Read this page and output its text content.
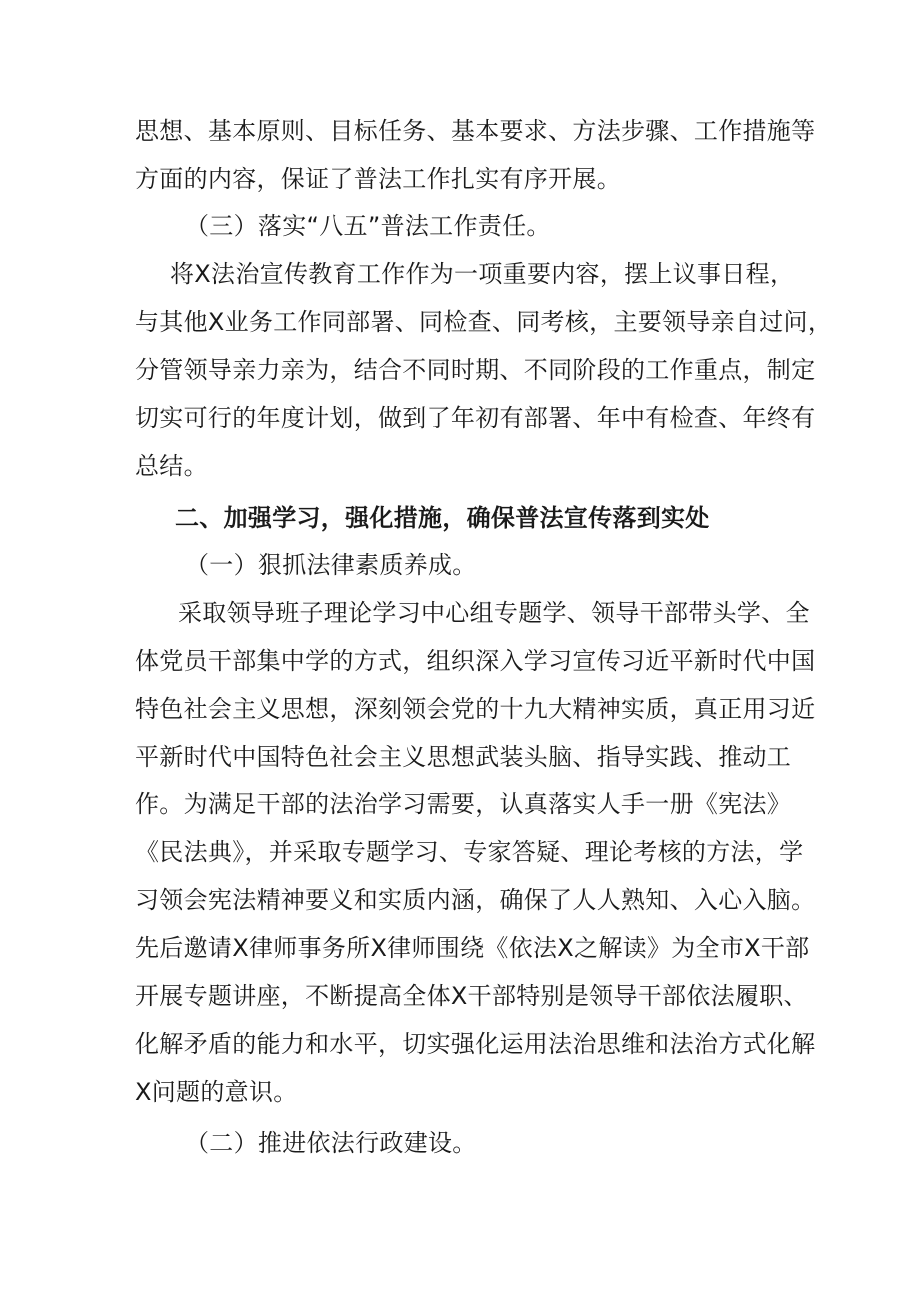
思想、基本原则、目标任务、基本要求、方法步骤、工作措施等
方面的内容，保证了普法工作扎实有序开展。
（三）落实“八五”普法工作责任。
将X法治宣传教育工作作为一项重要内容，摆上议事日程，
与其他X业务工作同部署、同检查、同考核，主要领导亲自过问，
分管领导亲力亲为，结合不同时期、不同阶段的工作重点，制定
切实可行的年度计划，做到了年初有部署、年中有检查、年终有
总结。
二、加强学习，强化措施，确保普法宣传落到实处
（一）狠抓法律素质养成。
采取领导班子理论学习中心组专题学、领导干部带头学、全
体党员干部集中学的方式，组织深入学习宣传习近平新时代中国
特色社会主义思想，深刻领会党的十九大精神实质，真正用习近
平新时代中国特色社会主义思想武装头脑、指导实践、推动工
作。为满足干部的法治学习需要，认真落实人手一册《宪法》
《民法典》，并采取专题学习、专家答疑、理论考核的方法，学
习领会宪法精神要义和实质内涵，确保了人人熟知、入心入脑。
先后邀请X律师事务所X律师围绕《依法X之解读》为全市X干部
开展专题讲座，不断提高全体X干部特别是领导干部依法履职、
化解矛盾的能力和水平，切实强化运用法治思维和法治方式化解
X问题的意识。
（二）推进依法行政建设。
